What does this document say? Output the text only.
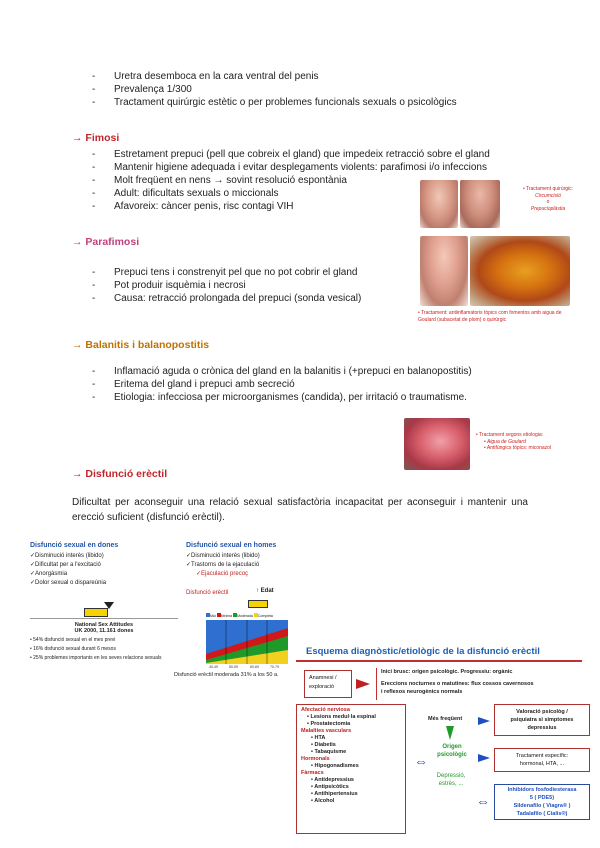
- Uretra desemboca en la cara ventral del penis
- Prevalença 1/300
- Tractament quirúrgic estètic o per problemes funcionals sexuals o psicològics
→ Fimosi
- Estretament prepuci (pell que cobreix el gland) que impedeix retracció sobre el gland
- Mantenir higiene adequada i evitar desplegaments violents: parafimosi i/o infeccions
- Molt freqüent en nens → sovint resolució espontània
- Adult: dificultats sexuals o miccionals
- Afavoreix: càncer penis, risc contagi VIH
• Tractament quirúrgic:
Circumcisió
o
Prepucioplàstia
→ Parafimosi
- Prepuci tens i constrenyit pel que no pot cobrir el gland
- Pot produir isquèmia i necrosi
- Causa: retracció prolongada del prepuci (sonda vesical)
• Tractament: antiinflamatoris tòpics com fomentos amb aigua de Goulard (subacetat de plom) o quirúrgic
→ Balanitis i balanopostitis
- Inflamació aguda o crònica del gland en la balanitis i (+prepuci en balanopostitis)
- Eritema del gland i prepuci amb secreció
- Etiologia: infecciosa per microorganismes (candida), per irritació o traumatisme.
• Tractament segons etiologia:
• Aigua de Goulard
• Antifúngics tòpics: miconazol
→ Disfunció erèctil
Dificultat per aconseguir una relació sexual satisfactòria incapacitat per aconseguir i mantenir una erecció suficient (disfunció erèctil).
Disfunció sexual en dones
✓ Disminució interès (libido)
✓ Dificultat per a l'excitació
✓ Anorgàsmia
✓ Dolor sexual o dispareùnia
National Sex Attitudes
UK 2000, 11.161 dones
• 54% disfunció sexual en el mes previ
• 16% disfunció sexual durant 6 mesos
• 25% problemes importants en les seves relacions sexuals
Disfunció sexual en homes
✓ Disminució interès (libido)
✓ Trastorns de la ejaculació
✓ Ejaculació precoç
Disfunció erèctil	↑ Edat
Mai Mínima Moderada Completa
40-49	50-59	60-69	70-79
Disfunció erèctil moderada 31% a los 50 a.
Esquema diagnòstic/etiològic de la disfunció erèctil
Anamnesi /
exploració
Inici brusc: origen psicològic. Progressiu: orgànic
Ereccions nocturnes o matutines: flux cossos cavernosos
i reflexos neurogènics normals
Afectació nerviosa
• Lesions medul·la espinal
• Prostatectomia
Malalties vasculars
• HTA
• Diabetis
• Tabaquisme
Hormonals
• Hipogonadismes
Fàrmacs
• Antidepressius
• Antipsicòtics
• Antihipertensius
• Alcohol
⇔
Més freqüent
Origen
psicològic
Depressió,
estrès, ...
⇔
Valoració psicològ /
psiquiatra si simptomes
depressius
Tractament específic:
hormonal, HTA, ...
Inhibidors fosfodiesterasa
5 ( PDE5)
Sildenafilo ( Viagra® )
Tadalafilo ( Cialis®)
